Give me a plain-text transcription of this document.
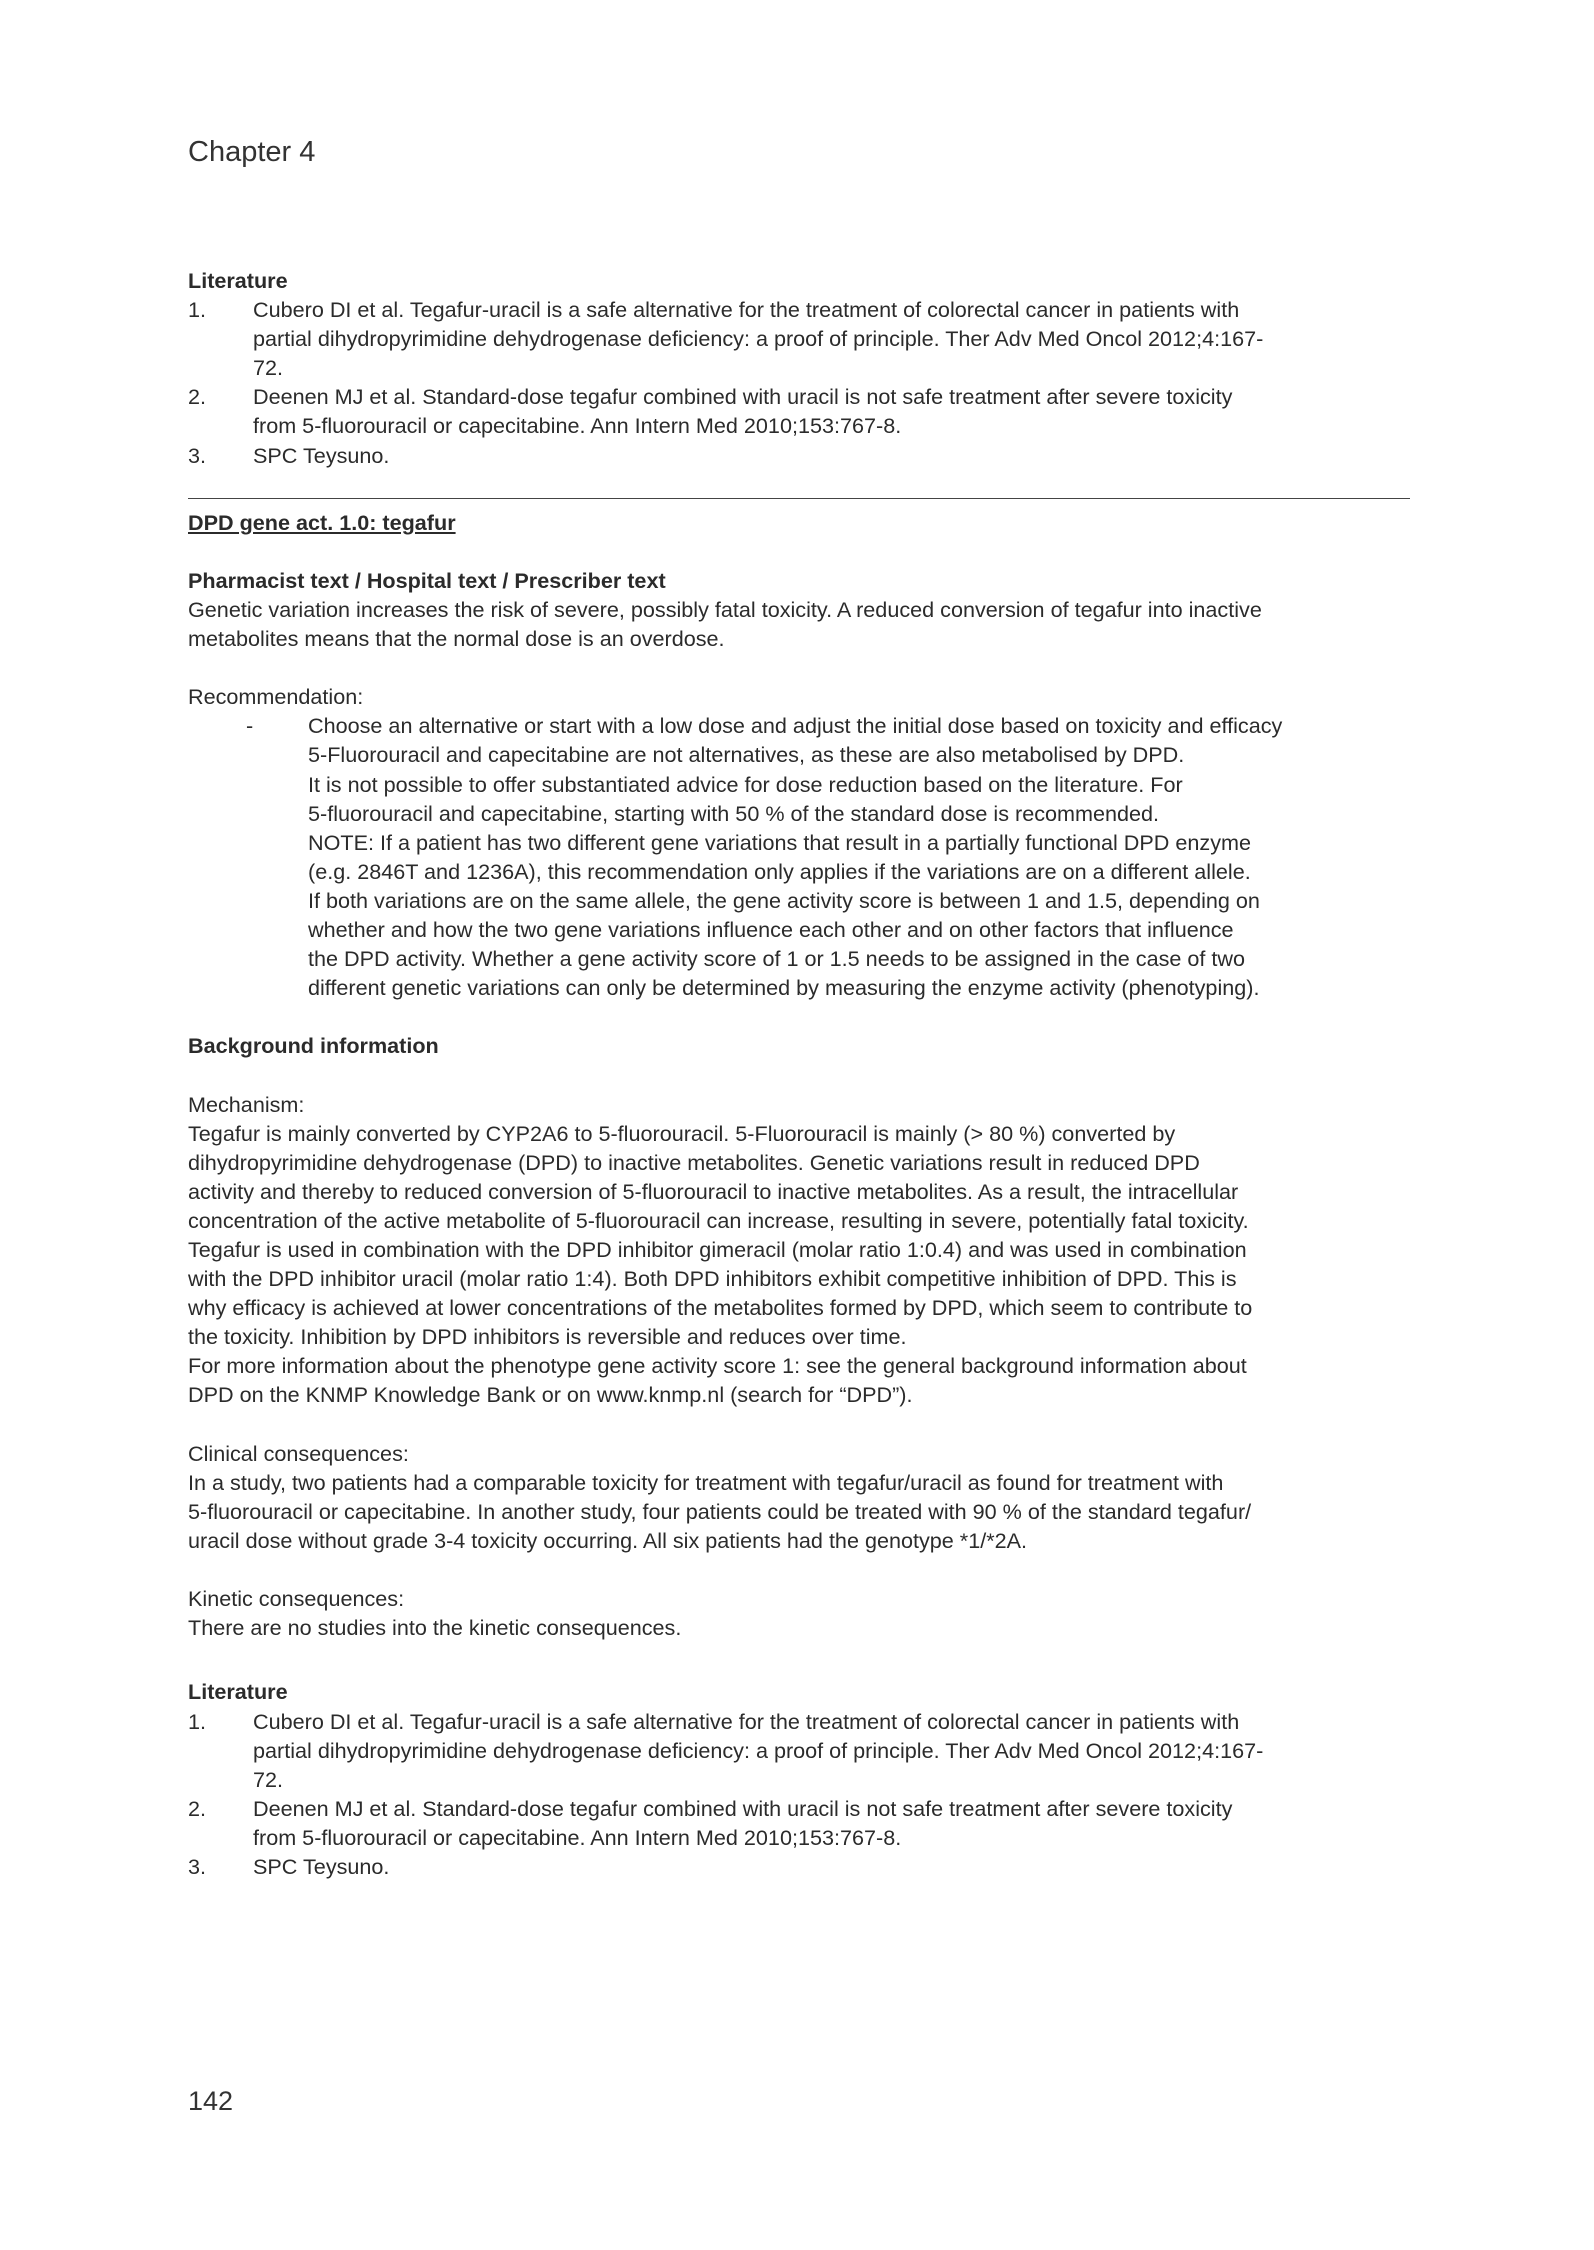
Chapter 4
Literature
1.	Cubero DI et al. Tegafur-uracil is a safe alternative for the treatment of colorectal cancer in patients with
partial dihydropyrimidine dehydrogenase deficiency: a proof of principle. Ther Adv Med Oncol 2012;4:167-
72.
2.	Deenen MJ et al. Standard-dose tegafur combined with uracil is not safe treatment after severe toxicity
from 5-fluorouracil or capecitabine. Ann Intern Med 2010;153:767-8.
3.	SPC Teysuno.
DPD gene act. 1.0: tegafur
Pharmacist text / Hospital text / Prescriber text
Genetic variation increases the risk of severe, possibly fatal toxicity. A reduced conversion of tegafur into inactive
metabolites means that the normal dose is an overdose.
Recommendation:
-	Choose an alternative or start with a low dose and adjust the initial dose based on toxicity and efficacy
5-Fluorouracil and capecitabine are not alternatives, as these are also metabolised by DPD.
It is not possible to offer substantiated advice for dose reduction based on the literature. For
5-fluorouracil and capecitabine, starting with 50 % of the standard dose is recommended.
NOTE: If a patient has two different gene variations that result in a partially functional DPD enzyme
(e.g. 2846T and 1236A), this recommendation only applies if the variations are on a different allele.
If both variations are on the same allele, the gene activity score is between 1 and 1.5, depending on
whether and how the two gene variations influence each other and on other factors that influence
the DPD activity. Whether a gene activity score of 1 or 1.5 needs to be assigned in the case of two
different genetic variations can only be determined by measuring the enzyme activity (phenotyping).
Background information
Mechanism:
Tegafur is mainly converted by CYP2A6 to 5-fluorouracil. 5-Fluorouracil is mainly (> 80 %) converted by
dihydropyrimidine dehydrogenase (DPD) to inactive metabolites. Genetic variations result in reduced DPD
activity and thereby to reduced conversion of 5-fluorouracil to inactive metabolites. As a result, the intracellular
concentration of the active metabolite of 5-fluorouracil can increase, resulting in severe, potentially fatal toxicity.
Tegafur is used in combination with the DPD inhibitor gimeracil (molar ratio 1:0.4) and was used in combination
with the DPD inhibitor uracil (molar ratio 1:4). Both DPD inhibitors exhibit competitive inhibition of DPD. This is
why efficacy is achieved at lower concentrations of the metabolites formed by DPD, which seem to contribute to
the toxicity. Inhibition by DPD inhibitors is reversible and reduces over time.
For more information about the phenotype gene activity score 1: see the general background information about
DPD on the KNMP Knowledge Bank or on www.knmp.nl (search for “DPD”).
Clinical consequences:
In a study, two patients had a comparable toxicity for treatment with tegafur/uracil as found for treatment with
5-fluorouracil or capecitabine. In another study, four patients could be treated with 90 % of the standard tegafur/
uracil dose without grade 3-4 toxicity occurring. All six patients had the genotype *1/*2A.
Kinetic consequences:
There are no studies into the kinetic consequences.
Literature
1.	Cubero DI et al. Tegafur-uracil is a safe alternative for the treatment of colorectal cancer in patients with
partial dihydropyrimidine dehydrogenase deficiency: a proof of principle. Ther Adv Med Oncol 2012;4:167-
72.
2.	Deenen MJ et al. Standard-dose tegafur combined with uracil is not safe treatment after severe toxicity
from 5-fluorouracil or capecitabine. Ann Intern Med 2010;153:767-8.
3.	SPC Teysuno.
142
